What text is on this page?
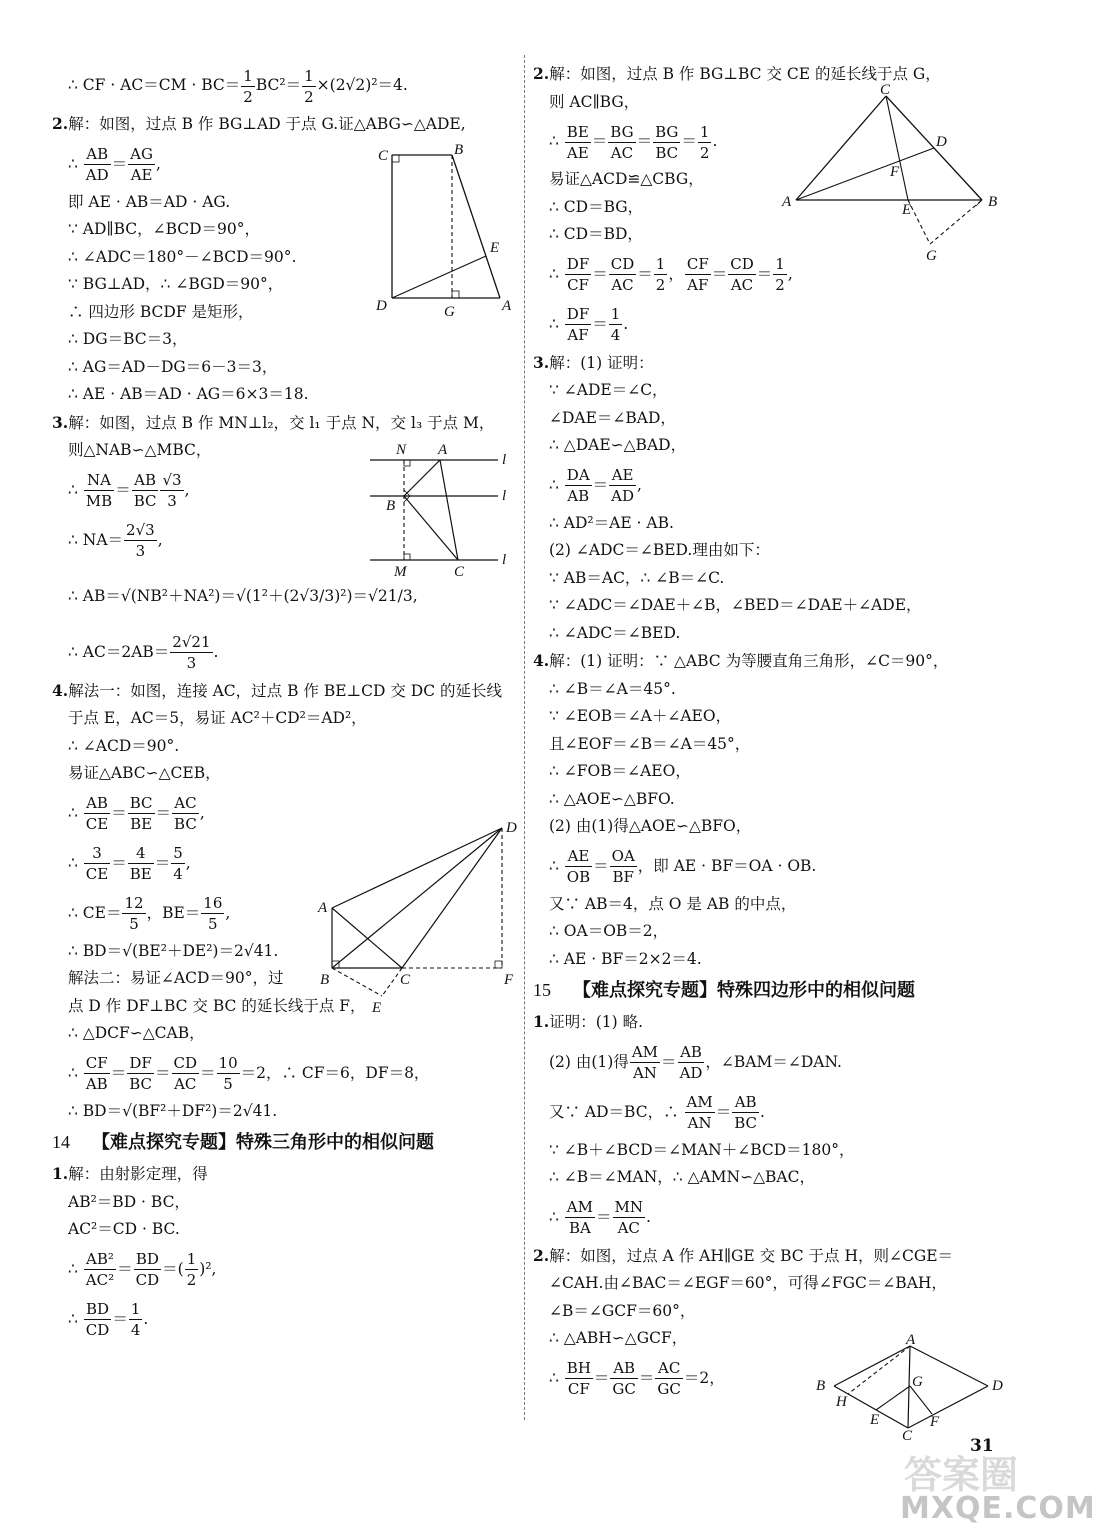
∴ CF · $AC=CM \cdot BC= \frac{1}{2} BC^2= \frac{1}{2} \times(2√2)^2=4$.
2.解：如图，过点 B 作 BG⊥AD 于点 G.证△ABG∽△ADE,
∴ $\frac{AB}{AD} = \frac{AG}{AE}$ ,
即 AE · AB＝AD · AG.
∵ AD∥BC，∠BCD＝90°，
∴ ∠ADC＝180°－∠BCD＝90°.
∵ BG⊥AD，∴ ∠BGD＝90°，
∴ 四边形 BCDF 是矩形，
∴ DG＝BC＝3，
∴ AG＝AD－DG＝6－3＝3，
∴ AE · AB＝AD · AG＝6×3＝18.
3.解：如图，过点 B 作 MN⊥l₂，交 l₁ 于点 N，交 l₃ 于点 M，
则△NAB∽△MBC，
∴ $\frac{NA}{MB} = \frac{AB}{BC} \frac{√3}{3}$ ,
∴ $NA= \frac{2√3}{3}$ ,
∴ AB＝√(NB²＋NA²)＝√(1²＋(2√3/3)²)＝√21/3,
∴ $AC=2AB= \frac{2√21}{3}$ .
4.解法一：如图，连接 AC，过点 B 作 BE⊥CD 交 DC 的延长线
于点 E，AC＝5，易证 AC²＋CD²＝AD²，
∴ ∠ACD＝90°.
易证△ABC∽△CEB，
∴ $\frac{AB}{CE} = \frac{BC}{BE} = \frac{AC}{BC}$ ,
∴ $\frac{3}{CE} = \frac{4}{BE} = \frac{5}{4}$ ,
∴ $CE= \frac{12}{5}$ ，$BE= \frac{16}{5}$ ,
∴ BD＝√(BE²＋DE²)＝2√41.
解法二：易证∠ACD＝90°，过
点 D 作 DF⊥BC 交 BC 的延长线于点 F，
∴ △DCF∽△CAB，
∴ $\frac{CF}{AB} = \frac{DF}{BC} = \frac{CD}{AC} = \frac{10}{5} =2$，∴ CF＝6，DF＝8，
∴ BD＝√(BF²＋DF²)＝2√41.
14 【难点探究专题】特殊三角形中的相似问题
1.解：由射影定理，得
AB²＝BD · BC，
AC²＝CD · BC.
∴ $\frac{\text{AB²}}{\text{AC²}} = \frac{BD}{CD}$ ＝( $\frac{1}{2} )^2$,
∴ $\frac{BD}{CD} = \frac{1}{4}$ .
2.解：如图，过点 B 作 BG⊥BC 交 CE 的延长线于点 G，
则 AC∥BG，
∴ $\frac{BE}{AE} = \frac{BG}{AC} = \frac{BG}{BC} = \frac{1}{2}$ .
易证△ACD≌△CBG，
∴ CD＝BG，
∴ CD＝BD，
∴ $\frac{DF}{CF} = \frac{CD}{AC} = \frac{1}{2}$ ， $\frac{CF}{AF} = \frac{CD}{AC} = \frac{1}{2}$ ,
∴ $\frac{DF}{AF} = \frac{1}{4}$ .
3.解：(1) 证明：
∵ ∠ADE＝∠C，
∠DAE＝∠BAD，
∴ △DAE∽△BAD，
∴ $\frac{DA}{AB} = \frac{AE}{AD}$ ,
∴ AD²＝AE · AB.
(2) ∠ADC＝∠BED.理由如下：
∵ AB＝AC，∴ ∠B＝∠C.
∵ ∠ADC＝∠DAE＋∠B，∠BED＝∠DAE＋∠ADE，
∴ ∠ADC＝∠BED.
4.解：(1) 证明：∵ △ABC 为等腰直角三角形，∠C＝90°，
∴ ∠B＝∠A＝45°.
∵ ∠EOB＝∠A＋∠AEO，
且∠EOF＝∠B＝∠A＝45°，
∴ ∠FOB＝∠AEO，
∴ △AOE∽△BFO.
(2) 由(1)得△AOE∽△BFO，
∴ $\frac{AE}{OB} = \frac{OA}{BF}$ ，即 AE · BF＝OA · OB.
又∵ AB＝4，点 O 是 AB 的中点，
∴ OA＝OB＝2，
∴ AE · BF＝2×2＝4.
15 【难点探究专题】特殊四边形中的相似问题
1.证明：(1) 略.
(2) 由(1)得 $\frac{AM}{AN} = \frac{AB}{AD}$ ，∠BAM＝∠DAN.
又∵ AD＝BC，∴ $\frac{AM}{AN} = \frac{AB}{BC}$ .
∵ ∠B＋∠BCD＝∠MAN＋∠BCD＝180°，
∴ ∠B＝∠MAN，∴ △AMN∽△BAC，
∴ $\frac{AM}{BA} = \frac{MN}{AC}$ .
2.解：如图，过点 A 作 AH∥GE 交 BC 于点 H，则∠CGE＝
∠CAH.由∠BAC＝∠EGF＝60°，可得∠FGC＝∠BAH，
∠B＝∠GCF＝60°，
∴ △ABH∽△GCF，
∴ $\frac{BH}{CF} = \frac{AB}{GC} = \frac{AC}{GC} =2$，
C	B
D	G	A
E
N A
B
M	C
l
l
l
D
A
B	C	F
E
C
D
F
A	E	B
G
A
B	D
G
H
E	F
C	31
答案圈
MXQE.COM
